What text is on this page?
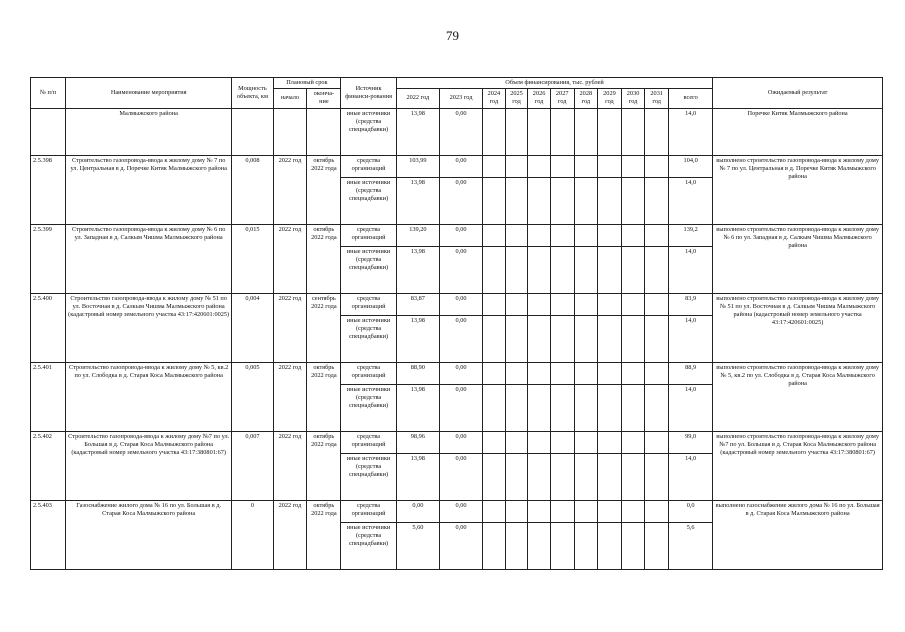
79
№ п/п	Наименование мероприятия	Мощность объекта, км	Плановый срок		Источник финанси-рования	Объем финансирования, тыс. рублей											Ожидаемый результат
			начало	оконча-ние		2022 год	2023 год	2024 год	2025 год	2026 год	2027 год	2028 год	2029 год	2030 год	2031 год	всего	
	Малмыжского района				иные источники (средства спецнадбавки)	13,98	0,00									14,0	Поречке Китяк Малмыжского района
2.5.398	Строительство газопровода-ввода к жилому дому № 7 по ул. Центральная в д. Поречке Китяк Малмыжского района	0,008	2022 год	октябрь 2022 года	средства организаций	103,99	0,00									104,0	выполнено строительство газопровода-ввода к жилому дому № 7 по ул. Центральная в д. Поречке Китяк Малмыжского района
					иные источники (средства спецнадбавки)	13,98	0,00									14,0	
2.5.399	Строительство газопровода-ввода к жилому дому № 6 по ул. Западная в д. Салкым Чишма Малмыжского района	0,015	2022 год	октябрь 2022 года	средства организаций	139,20	0,00									139,2	выполнено строительство газопровода-ввода к жилому дому № 6 по ул. Западная в д. Салкым Чишма Малмыжского района
					иные источники (средства спецнадбавки)	13,98	0,00									14,0	
2.5.400	Строительство газопровода-ввода к жилому дому № 51 по ул. Восточная в д. Салкым Чишма Малмыжского района (кадастровый номер земельного участка 43:17:420601:0025)	0,004	2022 год	сентябрь 2022 года	средства организаций	83,87	0,00									83,9	выполнено строительство газопровода-ввода к жилому дому № 51 по ул. Восточная в д. Салкым Чишма Малмыжского района (кадастровый номер земельного участка 43:17:420601:0025)
					иные источники (средства спецнадбавки)	13,98	0,00									14,0	
2.5.401	Строительство газопровода-ввода к жилому дому № 5, кв.2 по ул. Слободка в д. Старая Коса Малмыжского района	0,005	2022 год	октябрь 2022 года	средства организаций	88,90	0,00									88,9	выполнено строительство газопровода-ввода к жилому дому № 5, кв.2 по ул. Слободка в д. Старая Коса Малмыжского района
					иные источники (средства спецнадбавки)	13,98	0,00									14,0	
2.5.402	Строительство газопровода-ввода к жилому дому №7 по ул. Большая в д. Старая Коса Малмыжского района (кадастровый номер земельного участка 43:17:380801:67)	0,007	2022 год	октябрь 2022 года	средства организаций	98,96	0,00									99,0	выполнено строительство газопровода-ввода к жилому дому №7 по ул. Большая в д. Старая Коса Малмыжского района (кадастровый номер земельного участка 43:17:380801:67)
					иные источники (средства спецнадбавки)	13,98	0,00									14,0	
2.5.403	Газоснабжение жилого дома № 16 по ул. Большая в д. Старая Коса Малмыжского района	0	2022 год	октябрь 2022 года	средства организаций	0,00	0,00									0,0	выполнено газоснабжение жилого дома № 16 по ул. Большая в д. Старая Коса Малмыжского района
					иные источники (средства спецнадбавки)	5,60	0,00									5,6	
